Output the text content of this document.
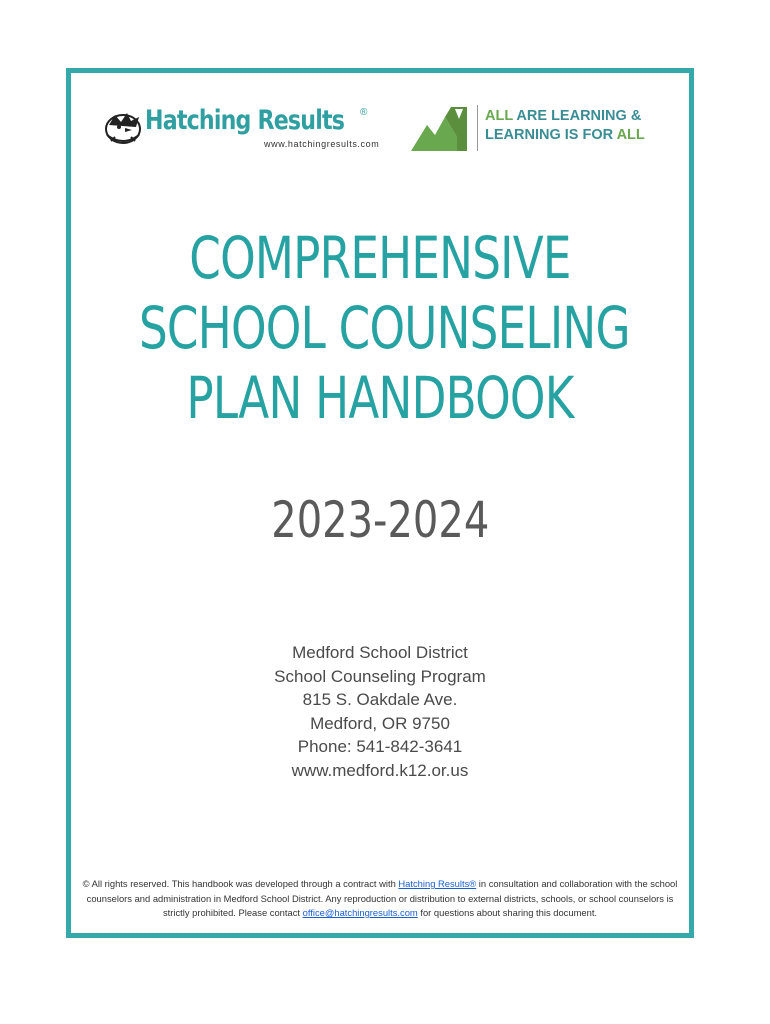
Hatching Results ®
www.hatchingresults.com
ALL ARE LEARNING &
LEARNING IS FOR ALL
COMPREHENSIVE
SCHOOL COUNSELING
PLAN HANDBOOK
2023-2024
Medford School District
School Counseling Program
815 S. Oakdale Ave.
Medford, OR 9750
Phone: 541-842-3641
www.medford.k12.or.us
© All rights reserved. This handbook was developed through a contract with Hatching Results® in consultation and collaboration with the school counselors and administration in Medford School District. Any reproduction or distribution to external districts, schools, or school counselors is strictly prohibited. Please contact office@hatchingresults.com for questions about sharing this document.
